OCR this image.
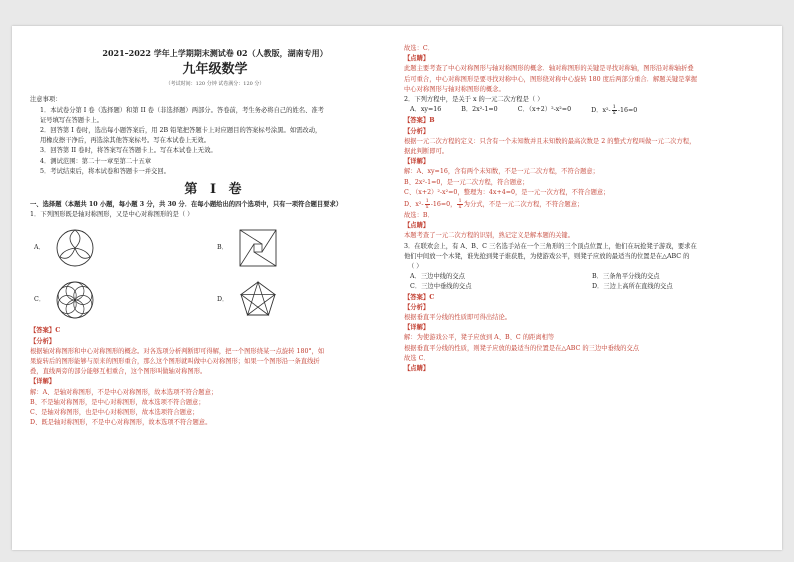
2021–2022 学年上学期期末测试卷 02（人教版，湖南专用）
九年级数学
（考试时间：120 分钟 试卷满分：120 分）
注意事项：
1．本试卷分第 I 卷（选择题）和第 II 卷（非选择题）两部分。答卷前，考生务必将自己的姓名、准考
证号填写在答题卡上。
2．回答第 I 卷时，选出每小题答案后，用 2B 铅笔把答题卡上对应题目的答案标号涂黑。如需改动，
用橡皮擦干净后，再选涂其他答案标号。写在本试卷上无效。
3．回答第 II 卷时，将答案写在答题卡上。写在本试卷上无效。
4．测试范围：第二十一章至第二十五章
5．考试结束后，将本试卷和答题卡一并交回。
第 I 卷
一、选择题（本题共 10 小题，每小题 3 分，共 30 分．在每小题给出的四个选项中，只有一项符合题目要求）
1．下列图形既是轴对称图形，又是中心对称图形的是（ ）
A．	B．
C．	D．
【答案】C
【分析】
根据轴对称图形和中心对称图形的概念。对各选项分析判断即可得解，把一个图形绕某一点旋转 180°，如
果旋转后的图形能够与原来的图形重合，那么这个图形就叫做中心对称图形；如果一个图形沿一条直线折
叠，直线两旁的部分能够互相重合，这个图形叫做轴对称图形。
【详解】
解：A、是轴对称图形，不是中心对称图形，故本选项不符合题意；
B、不是轴对称图形，是中心对称图形，故本选项不符合题意；
C、是轴对称图形，也是中心对称图形，故本选项符合题意；
D、既是轴对称图形，不是中心对称图形，故本选项不符合题意。
故选：C．
【点睛】
此题主要考查了中心对称图形与轴对称图形的概念．轴对称图形的关键是寻找对称轴，图形沿对称轴折叠
后可重合，中心对称图形是要寻找对称中心，图形绕对称中心旋转 180 度后两部分重合．解题关键是掌握
中心对称图形与轴对称图形的概念。
2．下列方程中，是关于 x 的一元二次方程是（ ）
A．xy=16	B．2x²-1=0	C．（x+2）²-x²=0	D．$x^2- \frac{1}{x} -16=0$
【答案】B
【分析】
根据一元二次方程的定义：只含有一个未知数并且未知数的最高次数是 2 的整式方程叫做一元二次方程，
据此判断即可。
【详解】
解：A、xy=16，含有两个未知数，不是一元二次方程，不符合题意；
B、2x²-1=0，是一元二次方程，符合题意；
C、（x+2）²-x²=0，整理为：4x+4=0，是一元一次方程，不符合题意；
D、$x^2- \frac{1}{x} -16=0$， $\frac{1}{x}$ 为分式，不是一元二次方程，不符合题意；
故选：B．
【点睛】
本题考查了一元二次方程的识别，熟记定义是解本题的关键。
3．在联欢会上，有 A、B、C 三名选手站在一个三角形的三个顶点位置上，他们在玩抢凳子游戏，要求在
他们中间放一个木凳，谁先抢到凳子谁获胜，为使游戏公平，则凳子应放的最适当的位置是在△ABC 的
（ ）
A．三边中线的交点	B．三条角平分线的交点
C．三边中垂线的交点	D．三边上高所在直线的交点
【答案】C
【分析】
根据垂直平分线的性质即可得出结论。
【详解】
解：为使游戏公平，凳子应放到 A、B、C 的距离相等
根据垂直平分线的性质，则凳子应放的最适当的位置是在△ABC 的三边中垂线的交点
故选 C．
【点睛】
